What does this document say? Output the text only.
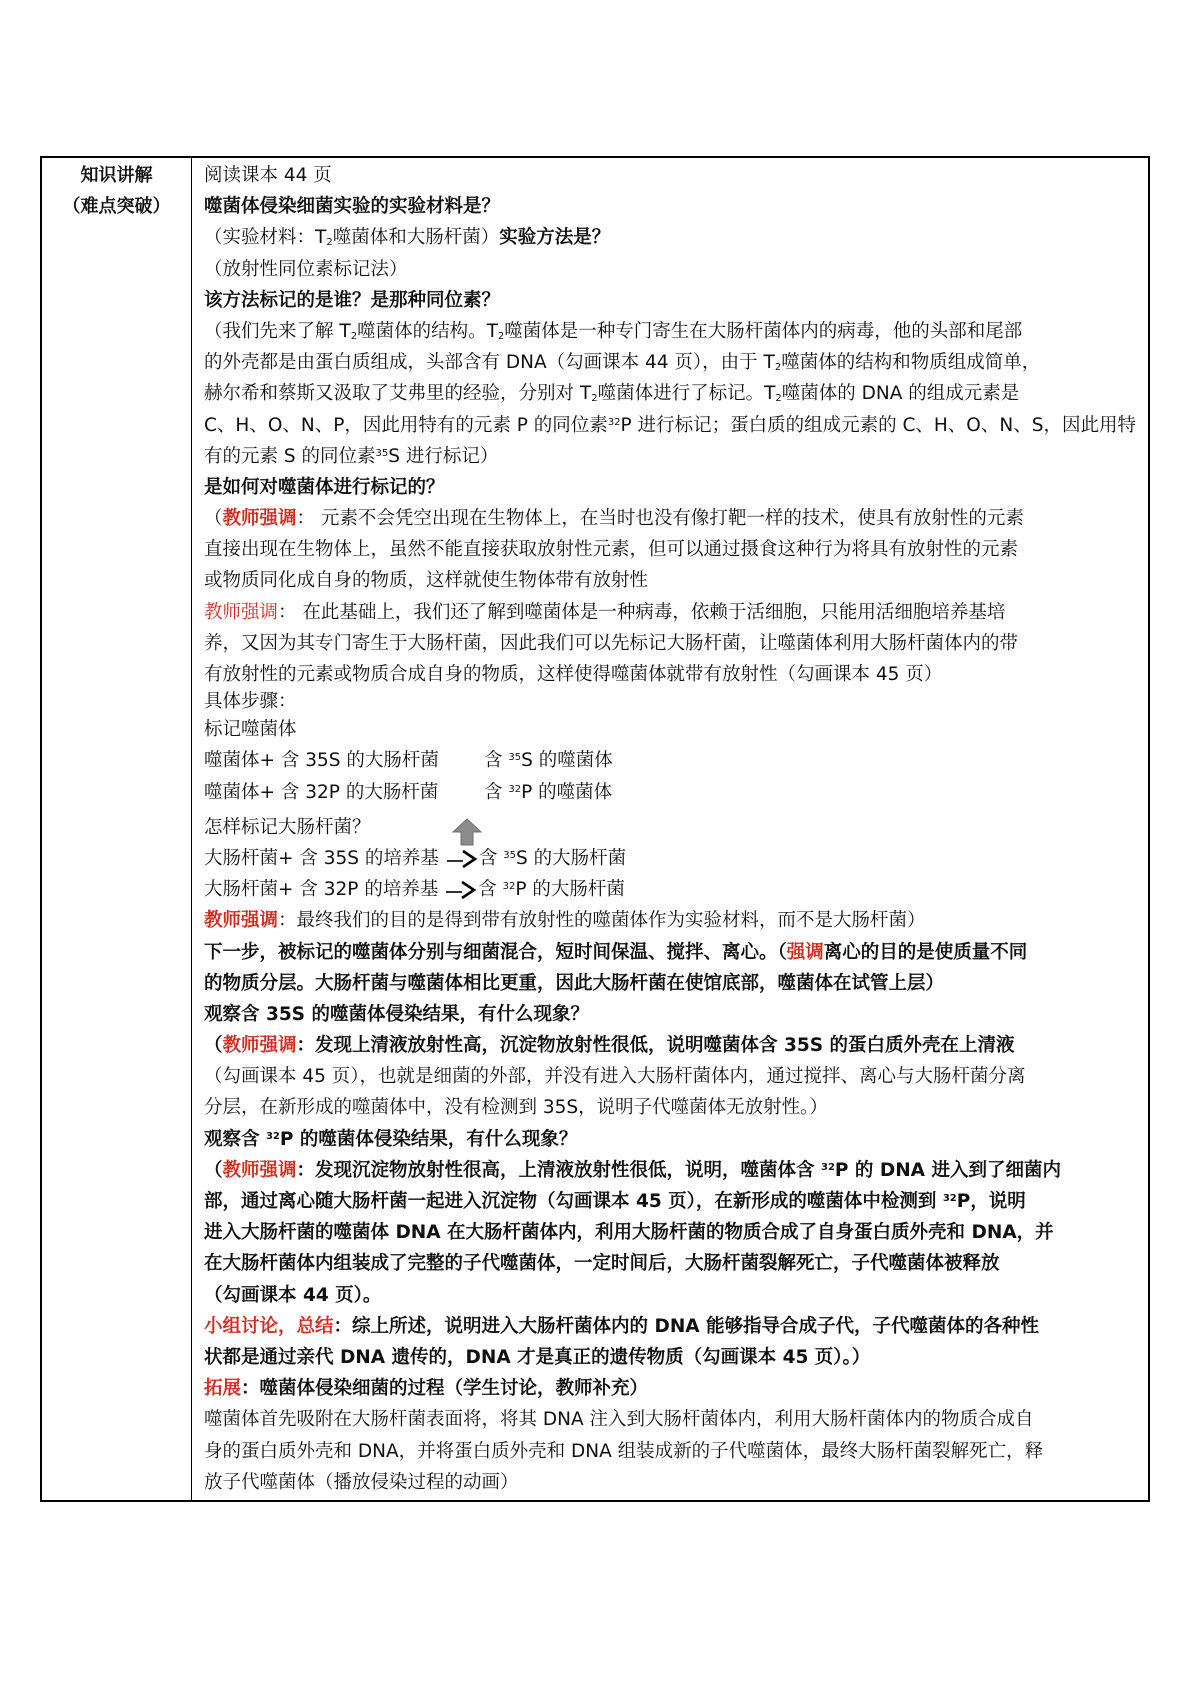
知识讲解
（难点突破）
阅读课本 44 页
噬菌体侵染细菌实验的实验材料是？
（实验材料：$T_2$噬菌体和大肠杆菌）实验方法是？
（放射性同位素标记法）
该方法标记的是谁？是那种同位素？
（我们先来了解 $T_2$噬菌体的结构。$T_2$噬菌体是一种专门寄生在大肠杆菌体内的病毒，他的头部和尾部
的外壳都是由蛋白质组成，头部含有 DNA（勾画课本 44 页），由于 $T_2$噬菌体的结构和物质组成简单，
赫尔希和蔡斯又汲取了艾弗里的经验，分别对 $T_2$噬菌体进行了标记。$T_2$噬菌体的 DNA 的组成元素是
C、H、O、N、P，因此用特有的元素 P 的同位素$^{32}$P 进行标记；蛋白质的组成元素的 C、H、O、N、S，因此用特
有的元素 S 的同位素$^{35}$S 进行标记）
是如何对噬菌体进行标记的？
（教师强调： 元素不会凭空出现在生物体上，在当时也没有像打靶一样的技术，使具有放射性的元素
直接出现在生物体上，虽然不能直接获取放射性元素，但可以通过摄食这种行为将具有放射性的元素
或物质同化成自身的物质，这样就使生物体带有放射性
教师强调： 在此基础上，我们还了解到噬菌体是一种病毒，依赖于活细胞，只能用活细胞培养基培
养，又因为其专门寄生于大肠杆菌，因此我们可以先标记大肠杆菌，让噬菌体利用大肠杆菌体内的带
有放射性的元素或物质合成自身的物质，这样使得噬菌体就带有放射性（勾画课本 45 页）
具体步骤：
标记噬菌体
噬菌体+ 含 35S 的大肠杆菌 含 $^{35}$S 的噬菌体
噬菌体+ 含 32P 的大肠杆菌 含 $^{32}$P 的噬菌体
怎样标记大肠杆菌？
大肠杆菌+ 含 35S 的培养基 含 $^{35}$S 的大肠杆菌
大肠杆菌+ 含 32P 的培养基 含 $^{32}$P 的大肠杆菌
教师强调：最终我们的目的是得到带有放射性的噬菌体作为实验材料，而不是大肠杆菌）
下一步，被标记的噬菌体分别与细菌混合，短时间保温、搅拌、离心。（强调离心的目的是使质量不同
的物质分层。大肠杆菌与噬菌体相比更重，因此大肠杆菌在使馆底部，噬菌体在试管上层）
观察含 35S 的噬菌体侵染结果，有什么现象？
（教师强调：发现上清液放射性高，沉淀物放射性很低，说明噬菌体含 35S 的蛋白质外壳在上清液
（勾画课本 45 页），也就是细菌的外部，并没有进入大肠杆菌体内，通过搅拌、离心与大肠杆菌分离
分层，在新形成的噬菌体中，没有检测到 35S，说明子代噬菌体无放射性。）
观察含 $^{32}$P 的噬菌体侵染结果，有什么现象？
（教师强调：发现沉淀物放射性很高，上清液放射性很低，说明，噬菌体含 $^{32}$P 的 DNA 进入到了细菌内
部，通过离心随大肠杆菌一起进入沉淀物（勾画课本 45 页），在新形成的噬菌体中检测到 $^{32}$P，说明
进入大肠杆菌的噬菌体 DNA 在大肠杆菌体内，利用大肠杆菌的物质合成了自身蛋白质外壳和 DNA，并
在大肠杆菌体内组装成了完整的子代噬菌体，一定时间后，大肠杆菌裂解死亡，子代噬菌体被释放
（勾画课本 44 页）。
小组讨论，总结：综上所述，说明进入大肠杆菌体内的 DNA 能够指导合成子代，子代噬菌体的各种性
状都是通过亲代 DNA 遗传的，DNA 才是真正的遗传物质（勾画课本 45 页）。）
拓展：噬菌体侵染细菌的过程（学生讨论，教师补充）
噬菌体首先吸附在大肠杆菌表面将，将其 DNA 注入到大肠杆菌体内，利用大肠杆菌体内的物质合成自
身的蛋白质外壳和 DNA，并将蛋白质外壳和 DNA 组装成新的子代噬菌体，最终大肠杆菌裂解死亡，释
放子代噬菌体（播放侵染过程的动画）
